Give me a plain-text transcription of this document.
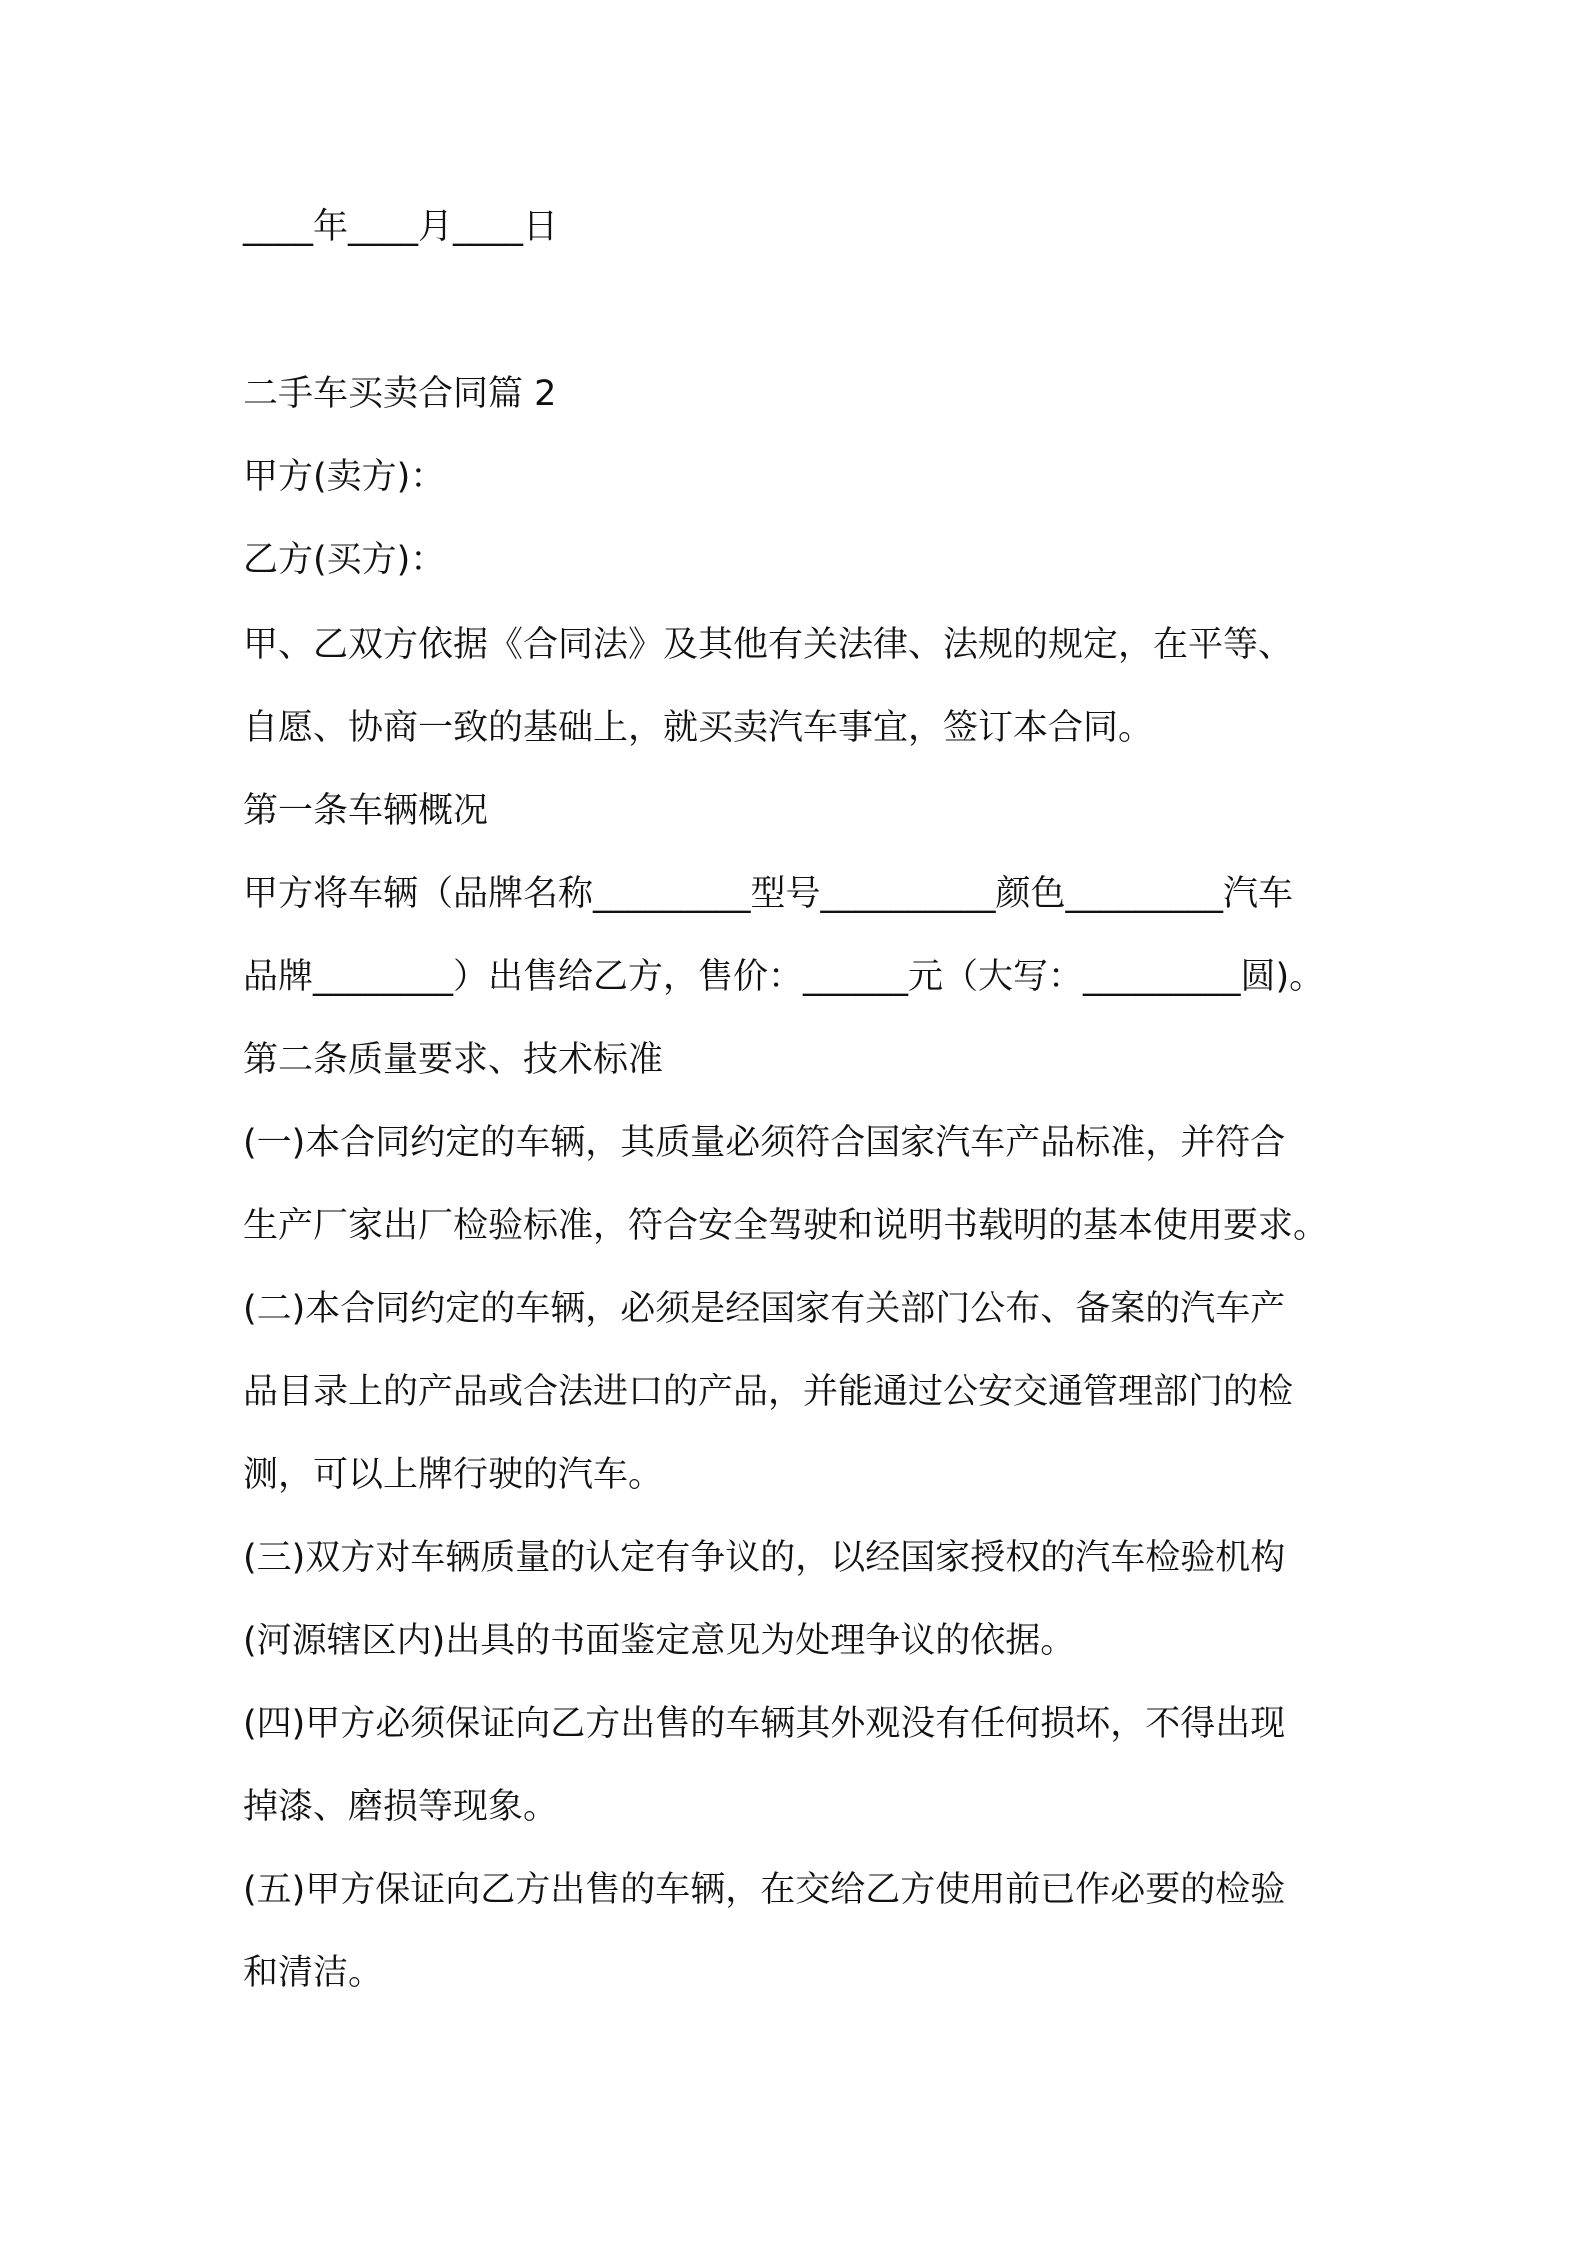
____年____月____日
二手车买卖合同篇 2
甲方(卖方)：
乙方(买方)：
甲、乙双方依据《合同法》及其他有关法律、法规的规定，在平等、
自愿、协商一致的基础上，就买卖汽车事宜，签订本合同。
第一条车辆概况
甲方将车辆（品牌名称_________型号__________颜色_________汽车
品牌________）出售给乙方，售价：______元（大写：_________圆)。
第二条质量要求、技术标准
(一)本合同约定的车辆，其质量必须符合国家汽车产品标准，并符合
生产厂家出厂检验标准，符合安全驾驶和说明书载明的基本使用要求。
(二)本合同约定的车辆，必须是经国家有关部门公布、备案的汽车产
品目录上的产品或合法进口的产品，并能通过公安交通管理部门的检
测，可以上牌行驶的汽车。
(三)双方对车辆质量的认定有争议的，以经国家授权的汽车检验机构
(河源辖区内)出具的书面鉴定意见为处理争议的依据。
(四)甲方必须保证向乙方出售的车辆其外观没有任何损坏，不得出现
掉漆、磨损等现象。
(五)甲方保证向乙方出售的车辆，在交给乙方使用前已作必要的检验
和清洁。
